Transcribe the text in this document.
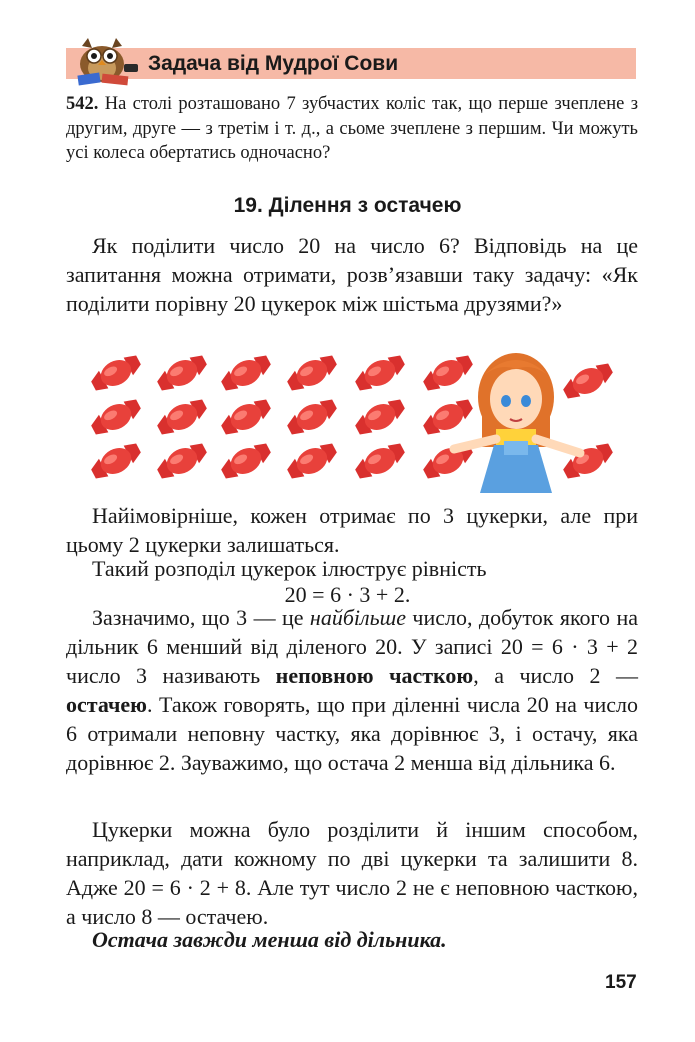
Задача від Мудрої Сови
542. На столі розташовано 7 зубчастих коліс так, що перше зчеплене з другим, друге — з третім і т. д., а сьоме зчеплене з першим. Чи можуть усі колеса обертатись одночасно?
19. Ділення з остачею
Як поділити число 20 на число 6? Відповідь на це запитання можна отримати, розв’язавши таку задачу: «Як поділити порівну 20 цукерок між шістьма друзями?»
Найімовірніше, кожен отримає по 3 цукерки, але при цьому 2 цукерки залишаться.
Такий розподіл цукерок ілюструє рівність
20 = 6 · 3 + 2.
Зазначимо, що 3 — це найбільше число, добуток якого на дільник 6 менший від діленого 20. У записі 20 = 6 · 3 + 2 число 3 називають неповною часткою, а число 2 — остачею. Також говорять, що при діленні числа 20 на число 6 отримали неповну частку, яка дорівнює 3, і остачу, яка дорівнює 2. Зауважимо, що остача 2 менша від дільника 6.
Цукерки можна було розділити й іншим способом, наприклад, дати кожному по дві цукерки та залишити 8. Адже 20 = 6 · 2 + 8. Але тут число 2 не є неповною часткою, а число 8 — остачею.
Остача завжди менша від дільника.
157
